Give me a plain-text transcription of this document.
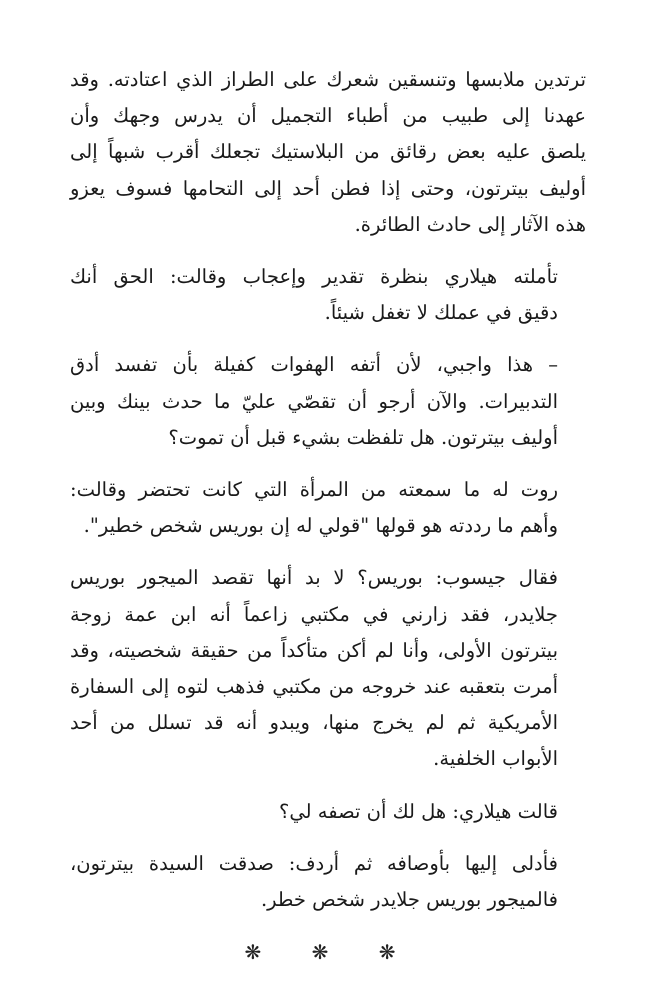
ترتدين ملابسها وتنسقين شعرك على الطراز الذي اعتادته. وقد
عهدنا إلى طبيب من أطباء التجميل أن يدرس وجهك وأن
يلصق عليه بعض رقائق من البلاستيك تجعلك أقرب شبهاً إلى
أوليف بيترتون، وحتى إذا فطن أحد إلى التحامها فسوف يعزو
هذه الآثار إلى حادث الطائرة.

تأملته هيلاري بنظرة تقدير وإعجاب وقالت: الحق أنك
دقيق في عملك لا تغفل شيئاً.

– هذا واجبي، لأن أتفه الهفوات كفيلة بأن تفسد أدق
التدبيرات. والآن أرجو أن تقصّي عليّ ما حدث بينك وبين
أوليف بيترتون. هل تلفظت بشيء قبل أن تموت؟

روت له ما سمعته من المرأة التي كانت تحتضر وقالت:
وأهم ما رددته هو قولها "قولي له إن بوريس شخص خطير".

فقال جيسوب: بوريس؟ لا بد أنها تقصد الميجور بوريس
جلايدر، فقد زارني في مكتبي زاعماً أنه ابن عمة زوجة
بيترتون الأولى، وأنا لم أكن متأكداً من حقيقة شخصيته، وقد
أمرت بتعقبه عند خروجه من مكتبي فذهب لتوه إلى السفارة
الأمريكية ثم لم يخرج منها، ويبدو أنه قد تسلل من أحد
الأبواب الخلفية.

قالت هيلاري: هل لك أن تصفه لي؟

فأدلى إليها بأوصافه ثم أردف: صدقت السيدة بيترتون،
فالميجور بوريس جلايدر شخص خطر.

❋ ❋ ❋
